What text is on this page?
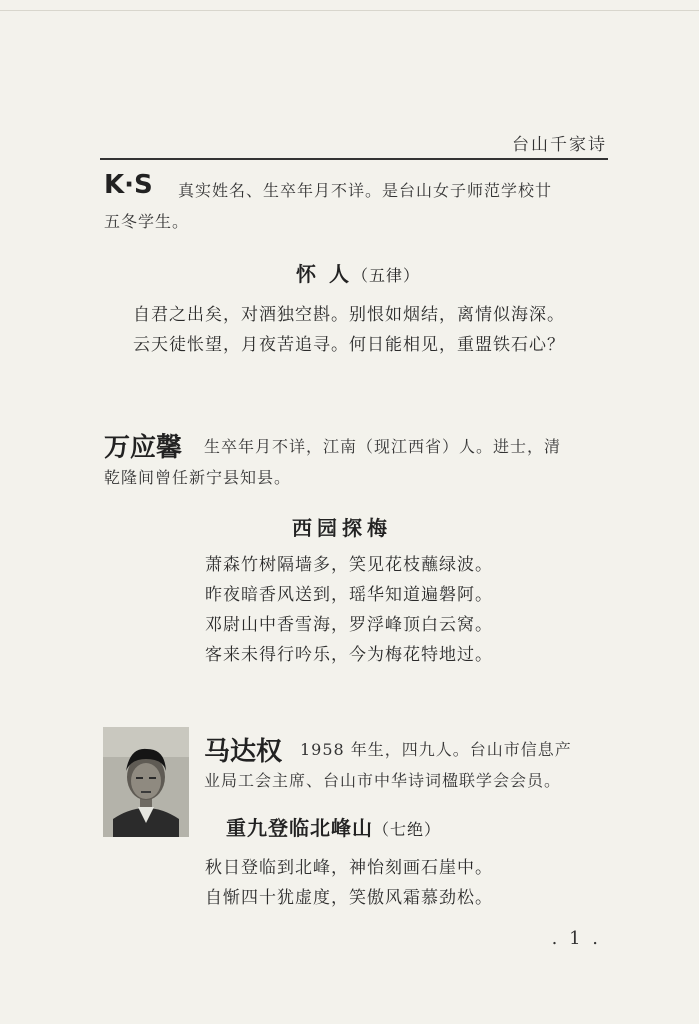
台山千家诗
K·S 真实姓名、生卒年月不详。是台山女子师范学校廿
五冬学生。
怀 人（五律）
自君之出矣，对酒独空斟。别恨如烟结，离情似海深。
云天徒怅望，月夜苦追寻。何日能相见，重盟铁石心？
万应馨 生卒年月不详，江南（现江西省）人。进士，清
乾隆间曾任新宁县知县。
西园探梅
萧森竹树隔墙多，笑见花枝蘸绿波。
昨夜暗香风送到，瑶华知道遍磐阿。
邓尉山中香雪海，罗浮峰顶白云窝。
客来未得行吟乐，今为梅花特地过。
马达权 1958 年生，四九人。台山市信息产
业局工会主席、台山市中华诗词楹联学会会员。
重九登临北峰山（七绝）
秋日登临到北峰，神怡刻画石崖中。
自惭四十犹虚度，笑傲风霜慕劲松。
. 1 .
